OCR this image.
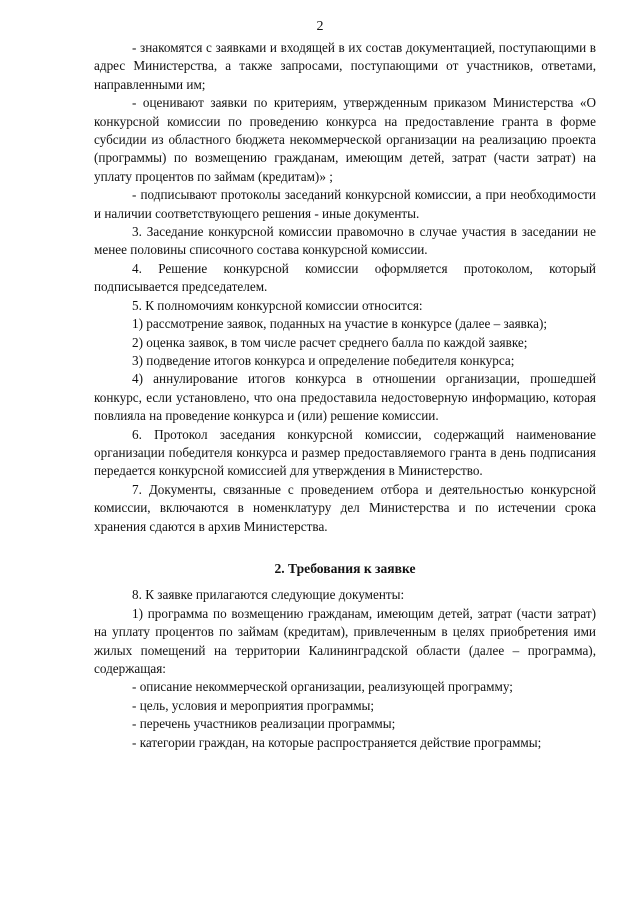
2

- знакомятся с заявками и входящей в их состав документацией, поступающими в адрес Министерства, а также запросами, поступающими от участников, ответами, направленными им;

- оценивают заявки по критериям, утвержденным приказом Министерства «О конкурсной комиссии по проведению конкурса на предоставление гранта в форме субсидии из областного бюджета некоммерческой организации на реализацию проекта (программы) по возмещению гражданам, имеющим детей, затрат (части затрат) на уплату процентов по займам (кредитам)» ;

- подписывают протоколы заседаний конкурсной комиссии, а при необходимости и наличии соответствующего решения - иные документы.

3. Заседание конкурсной комиссии правомочно в случае участия в заседании не менее половины списочного состава конкурсной комиссии.

4. Решение конкурсной комиссии оформляется протоколом, который подписывается председателем.

5. К полномочиям конкурсной комиссии относится:

1) рассмотрение заявок, поданных на участие в конкурсе (далее – заявка);

2) оценка заявок, в том числе расчет среднего балла по каждой заявке;

3) подведение итогов конкурса и определение победителя конкурса;

4) аннулирование итогов конкурса в отношении организации, прошедшей конкурс, если установлено, что она предоставила недостоверную информацию, которая повлияла на проведение конкурса и (или) решение комиссии.

6. Протокол заседания конкурсной комиссии, содержащий наименование организации победителя конкурса и размер предоставляемого гранта в день подписания передается конкурсной комиссией для утверждения в Министерство.

7. Документы, связанные с проведением отбора и деятельностью конкурсной комиссии, включаются в номенклатуру дел Министерства и по истечении срока хранения сдаются в архив Министерства.

2. Требования к заявке

8. К заявке прилагаются следующие документы:

1) программа по возмещению гражданам, имеющим детей, затрат (части затрат) на уплату процентов по займам (кредитам), привлеченным в целях приобретения ими жилых помещений на территории Калининградской области (далее – программа), содержащая:

- описание некоммерческой организации, реализующей программу;

- цель, условия и мероприятия программы;

- перечень участников реализации программы;

- категории граждан, на которые распространяется действие программы;
